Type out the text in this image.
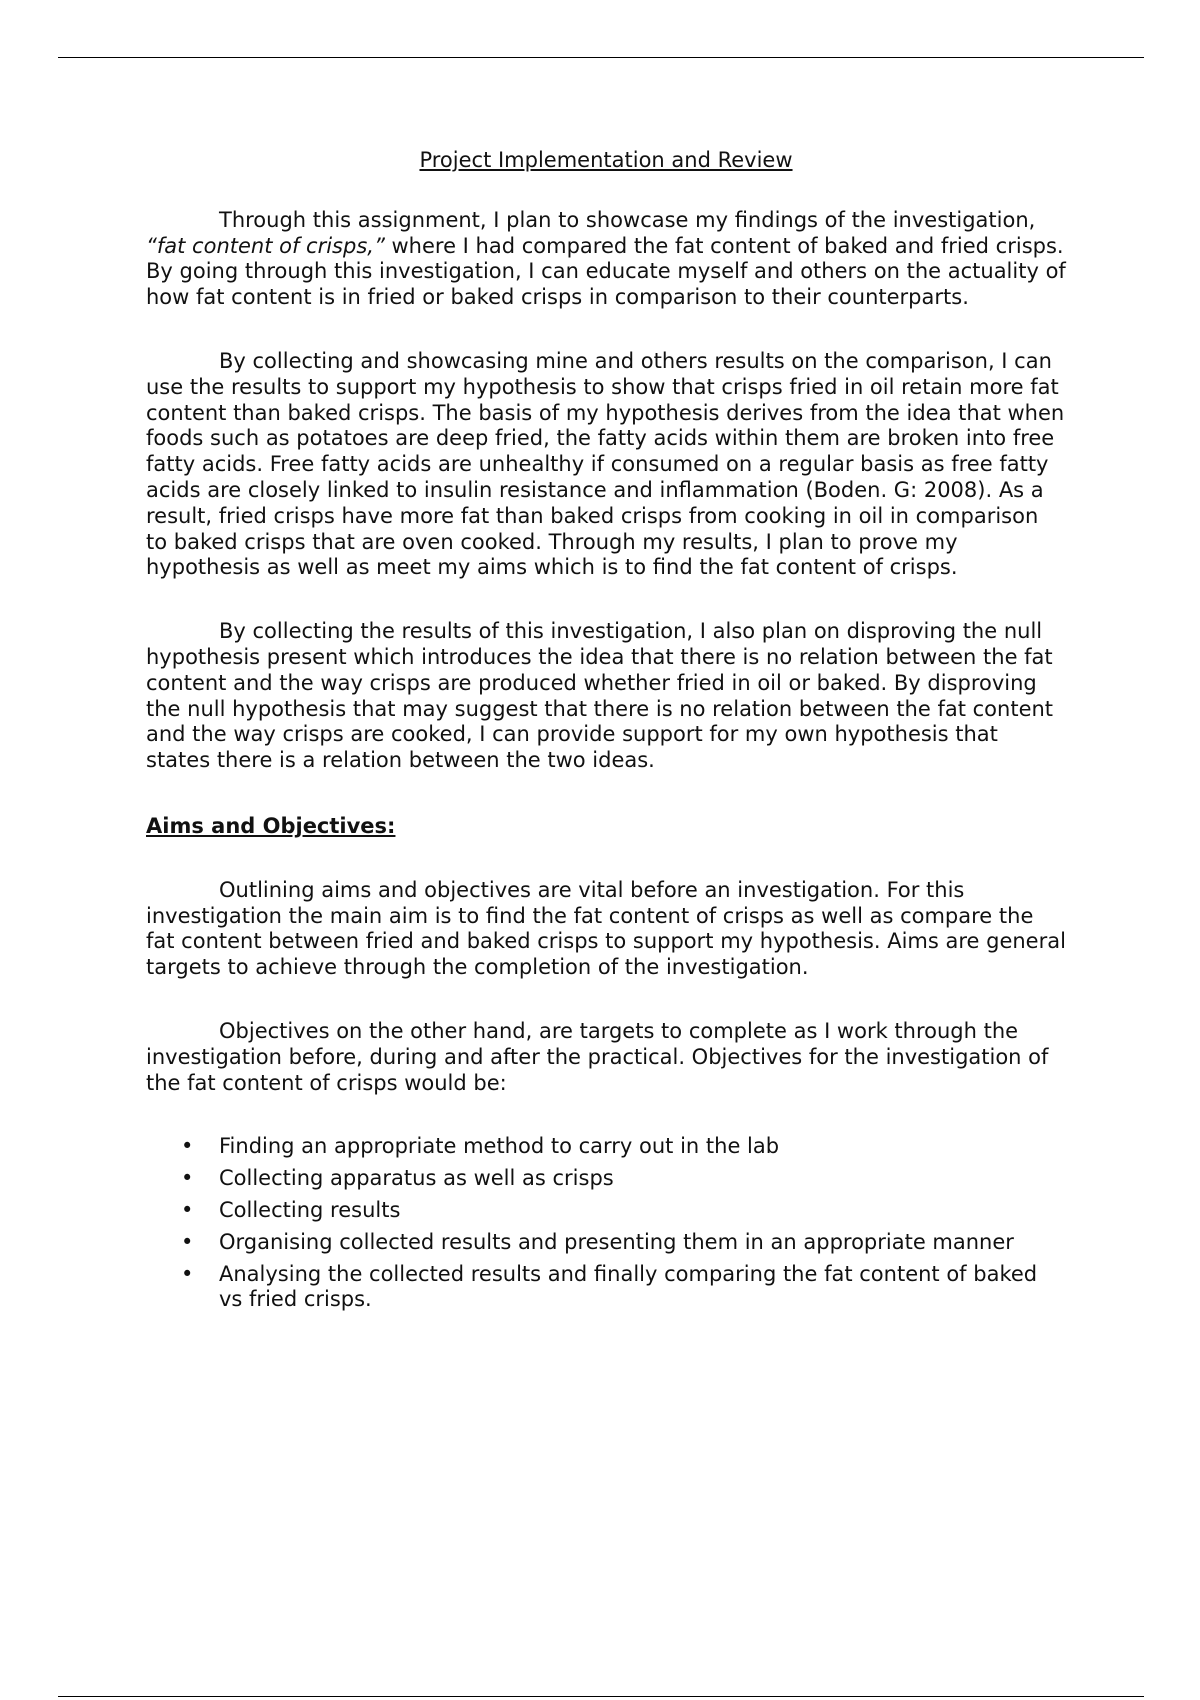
Project Implementation and Review

Through this assignment, I plan to showcase my findings of the investigation, “fat content of crisps,” where I had compared the fat content of baked and fried crisps. By going through this investigation, I can educate myself and others on the actuality of how fat content is in fried or baked crisps in comparison to their counterparts.

By collecting and showcasing mine and others results on the comparison, I can use the results to support my hypothesis to show that crisps fried in oil retain more fat content than baked crisps. The basis of my hypothesis derives from the idea that when foods such as potatoes are deep fried, the fatty acids within them are broken into free fatty acids. Free fatty acids are unhealthy if consumed on a regular basis as free fatty acids are closely linked to insulin resistance and inflammation (Boden. G: 2008). As a result, fried crisps have more fat than baked crisps from cooking in oil in comparison to baked crisps that are oven cooked. Through my results, I plan to prove my hypothesis as well as meet my aims which is to find the fat content of crisps.

By collecting the results of this investigation, I also plan on disproving the null hypothesis present which introduces the idea that there is no relation between the fat content and the way crisps are produced whether fried in oil or baked. By disproving the null hypothesis that may suggest that there is no relation between the fat content and the way crisps are cooked, I can provide support for my own hypothesis that states there is a relation between the two ideas.

Aims and Objectives:

Outlining aims and objectives are vital before an investigation. For this investigation the main aim is to find the fat content of crisps as well as compare the fat content between fried and baked crisps to support my hypothesis. Aims are general targets to achieve through the completion of the investigation.

Objectives on the other hand, are targets to complete as I work through the investigation before, during and after the practical. Objectives for the investigation of the fat content of crisps would be:

• Finding an appropriate method to carry out in the lab
• Collecting apparatus as well as crisps
• Collecting results
• Organising collected results and presenting them in an appropriate manner
• Analysing the collected results and finally comparing the fat content of baked vs fried crisps.
